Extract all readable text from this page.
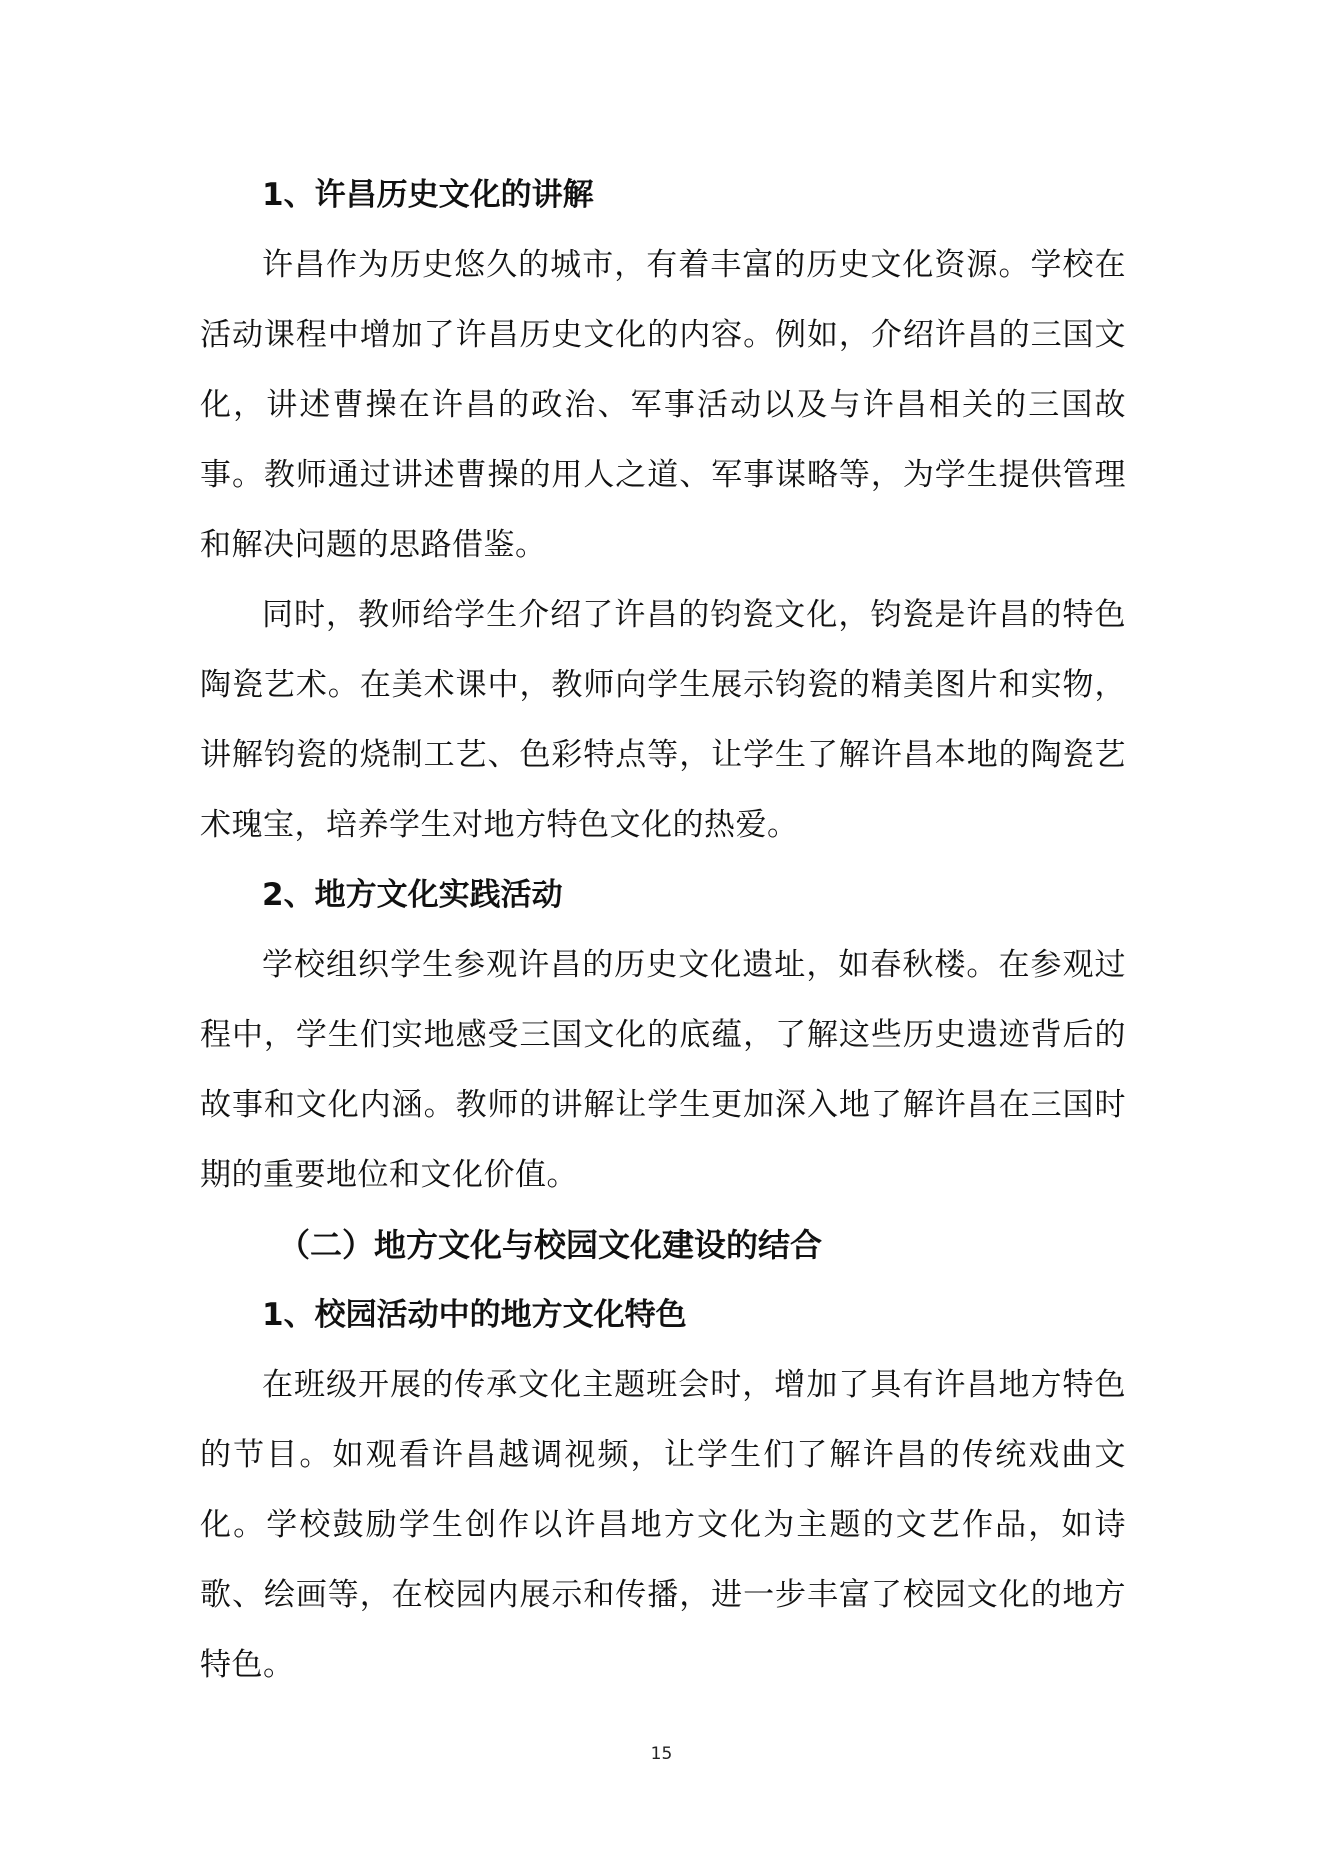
1、许昌历史文化的讲解

许昌作为历史悠久的城市，有着丰富的历史文化资源。学校在活动课程中增加了许昌历史文化的内容。例如，介绍许昌的三国文化，讲述曹操在许昌的政治、军事活动以及与许昌相关的三国故事。教师通过讲述曹操的用人之道、军事谋略等，为学生提供管理和解决问题的思路借鉴。

同时，教师给学生介绍了许昌的钧瓷文化，钧瓷是许昌的特色陶瓷艺术。在美术课中，教师向学生展示钧瓷的精美图片和实物，讲解钧瓷的烧制工艺、色彩特点等，让学生了解许昌本地的陶瓷艺术瑰宝，培养学生对地方特色文化的热爱。

2、地方文化实践活动

学校组织学生参观许昌的历史文化遗址，如春秋楼。在参观过程中，学生们实地感受三国文化的底蕴，了解这些历史遗迹背后的故事和文化内涵。教师的讲解让学生更加深入地了解许昌在三国时期的重要地位和文化价值。

（二）地方文化与校园文化建设的结合

1、校园活动中的地方文化特色

在班级开展的传承文化主题班会时，增加了具有许昌地方特色的节目。如观看许昌越调视频，让学生们了解许昌的传统戏曲文化。学校鼓励学生创作以许昌地方文化为主题的文艺作品，如诗歌、绘画等，在校园内展示和传播，进一步丰富了校园文化的地方特色。

15
